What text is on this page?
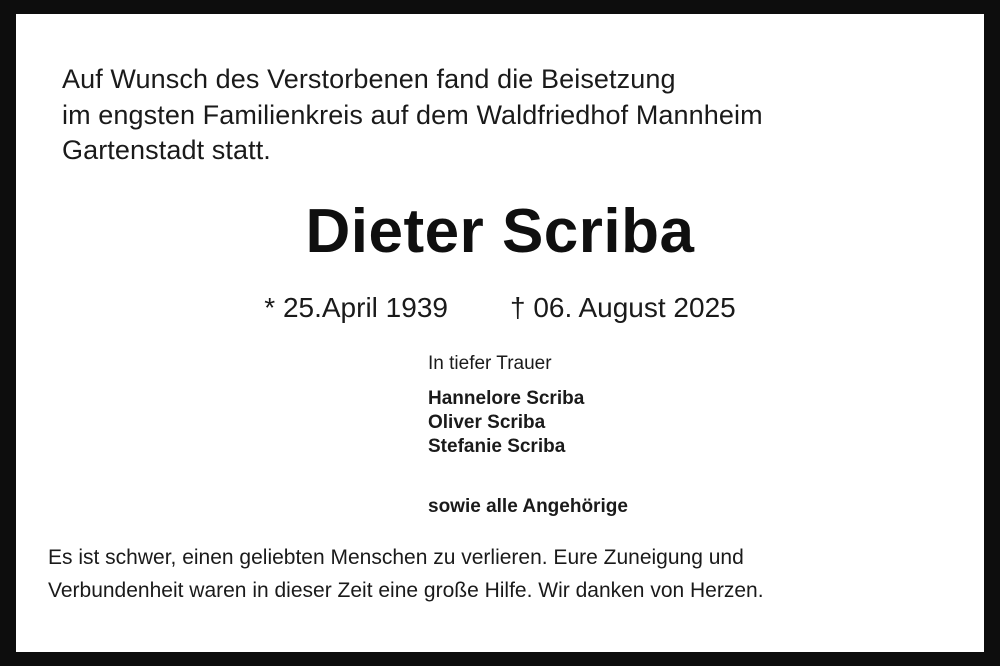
Auf Wunsch des Verstorbenen fand die Beisetzung
im engsten Familienkreis auf dem Waldfriedhof Mannheim
Gartenstadt statt.
Dieter Scriba
* 25.April 1939 † 06. August 2025
In tiefer Trauer
Hannelore Scriba
Oliver Scriba
Stefanie Scriba
sowie alle Angehörige
Es ist schwer, einen geliebten Menschen zu verlieren. Eure Zuneigung und
Verbundenheit waren in dieser Zeit eine große Hilfe. Wir danken von Herzen.
